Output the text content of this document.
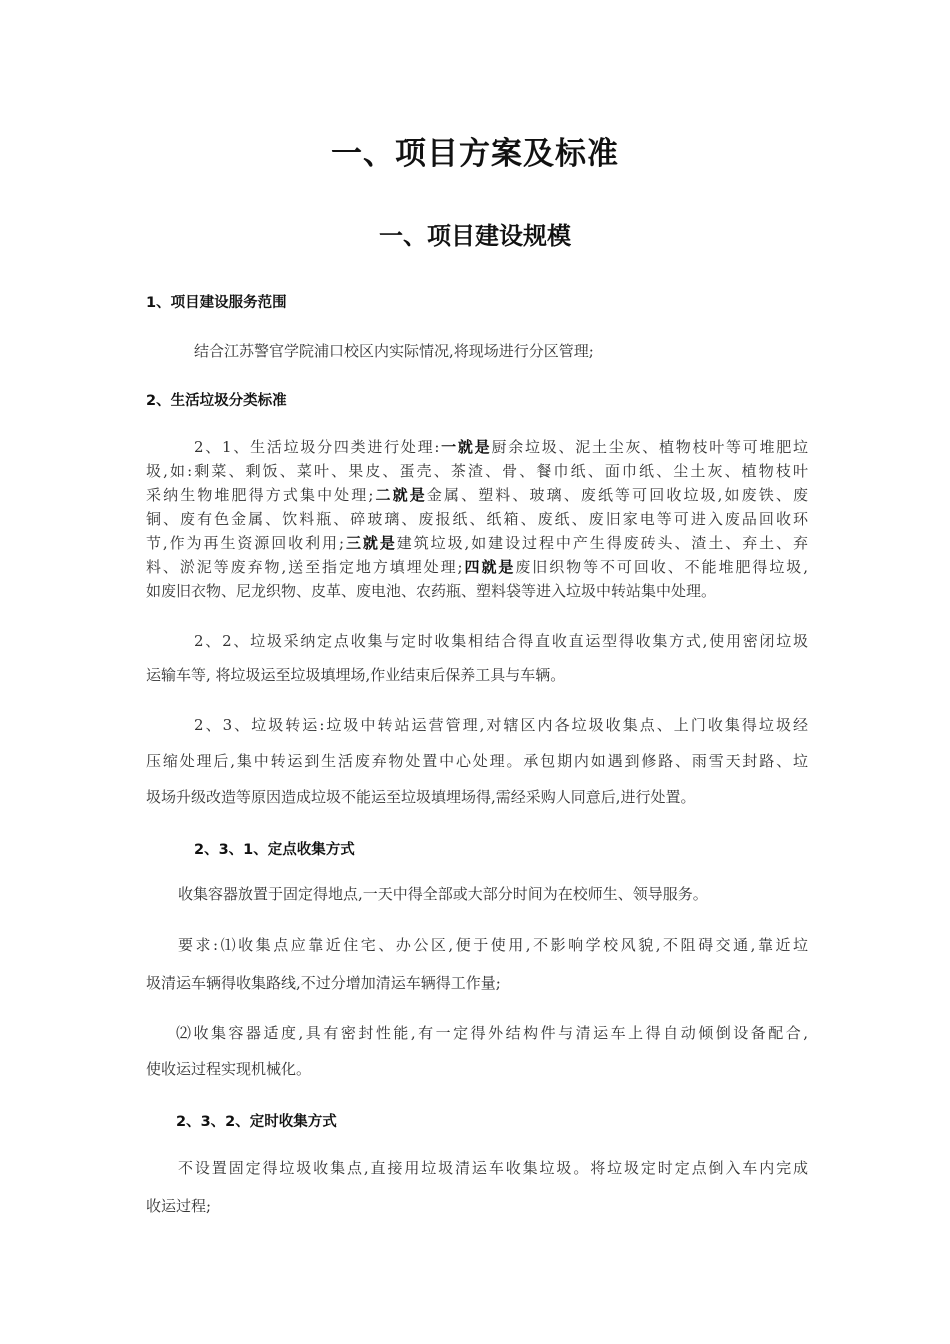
一、项目方案及标准
一、项目建设规模
1、项目建设服务范围
结合江苏警官学院浦口校区内实际情况,将现场进行分区管理;
2、生活垃圾分类标准
2、1、生活垃圾分四类进行处理:一就是厨余垃圾、泥土尘灰、植物枝叶等可堆肥垃
圾,如:剩菜、剩饭、菜叶、果皮、蛋壳、茶渣、骨、餐巾纸、面巾纸、尘土灰、植物枝叶
采纳生物堆肥得方式集中处理;二就是金属、塑料、玻璃、废纸等可回收垃圾,如废铁、废
铜、废有色金属、饮料瓶、碎玻璃、废报纸、纸箱、废纸、废旧家电等可进入废品回收环
节,作为再生资源回收利用;三就是建筑垃圾,如建设过程中产生得废砖头、渣土、弃土、弃
料、淤泥等废弃物,送至指定地方填埋处理;四就是废旧织物等不可回收、不能堆肥得垃圾,
如废旧衣物、尼龙织物、皮革、废电池、农药瓶、塑料袋等进入垃圾中转站集中处理。
2、2、垃圾采纳定点收集与定时收集相结合得直收直运型得收集方式,使用密闭垃圾
运输车等, 将垃圾运至垃圾填埋场,作业结束后保养工具与车辆。
2、3、垃圾转运:垃圾中转站运营管理,对辖区内各垃圾收集点、上门收集得垃圾经
压缩处理后,集中转运到生活废弃物处置中心处理。承包期内如遇到修路、雨雪天封路、垃
圾场升级改造等原因造成垃圾不能运至垃圾填埋场得,需经采购人同意后,进行处置。
2、3、1、定点收集方式
收集容器放置于固定得地点,一天中得全部或大部分时间为在校师生、领导服务。
要求:⑴收集点应靠近住宅、办公区,便于使用,不影响学校风貌,不阻碍交通,靠近垃
圾清运车辆得收集路线,不过分增加清运车辆得工作量;
⑵收集容器适度,具有密封性能,有一定得外结构件与清运车上得自动倾倒设备配合,
使收运过程实现机械化。
2、3、2、定时收集方式
不设置固定得垃圾收集点,直接用垃圾清运车收集垃圾。将垃圾定时定点倒入车内完成
收运过程;
